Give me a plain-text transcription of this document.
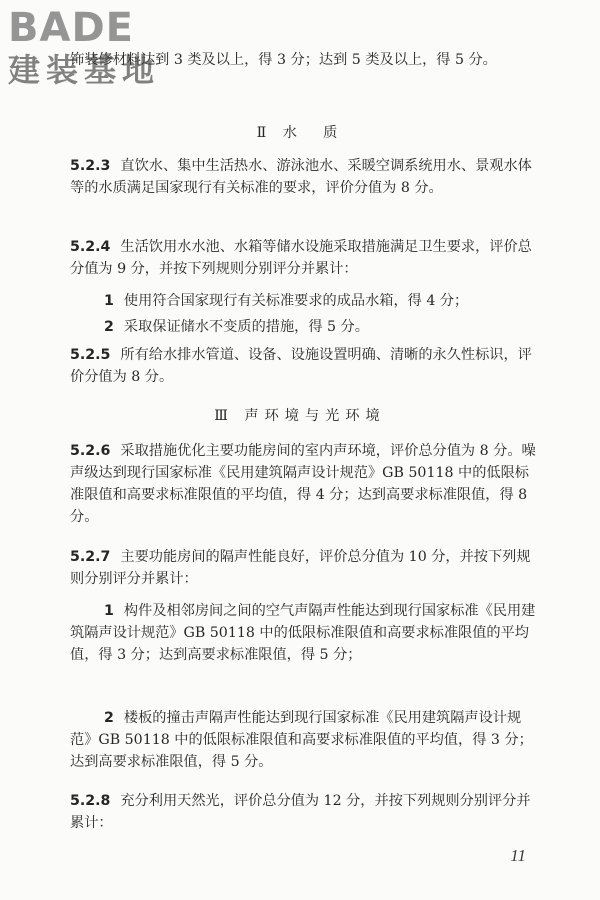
BADE
建装基地
饰装修材料达到 3 类及以上，得 3 分；达到 5 类及以上，得 5 分。
Ⅱ 水　质
5.2.3 直饮水、集中生活热水、游泳池水、采暖空调系统用水、景观水体等的水质满足国家现行有关标准的要求，评价分值为 8 分。
5.2.4 生活饮用水水池、水箱等储水设施采取措施满足卫生要求，评价总分值为 9 分，并按下列规则分别评分并累计：
1 使用符合国家现行有关标准要求的成品水箱，得 4 分；
2 采取保证储水不变质的措施，得 5 分。
5.2.5 所有给水排水管道、设备、设施设置明确、清晰的永久性标识，评价分值为 8 分。
Ⅲ 声环境与光环境
5.2.6 采取措施优化主要功能房间的室内声环境，评价总分值为 8 分。噪声级达到现行国家标准《民用建筑隔声设计规范》GB 50118 中的低限标准限值和高要求标准限值的平均值，得 4 分；达到高要求标准限值，得 8 分。
5.2.7 主要功能房间的隔声性能良好，评价总分值为 10 分，并按下列规则分别评分并累计：
1 构件及相邻房间之间的空气声隔声性能达到现行国家标准《民用建筑隔声设计规范》GB 50118 中的低限标准限值和高要求标准限值的平均值，得 3 分；达到高要求标准限值，得 5 分；
2 楼板的撞击声隔声性能达到现行国家标准《民用建筑隔声设计规范》GB 50118 中的低限标准限值和高要求标准限值的平均值，得 3 分；达到高要求标准限值，得 5 分。
5.2.8 充分利用天然光，评价总分值为 12 分，并按下列规则分别评分并累计：
11
